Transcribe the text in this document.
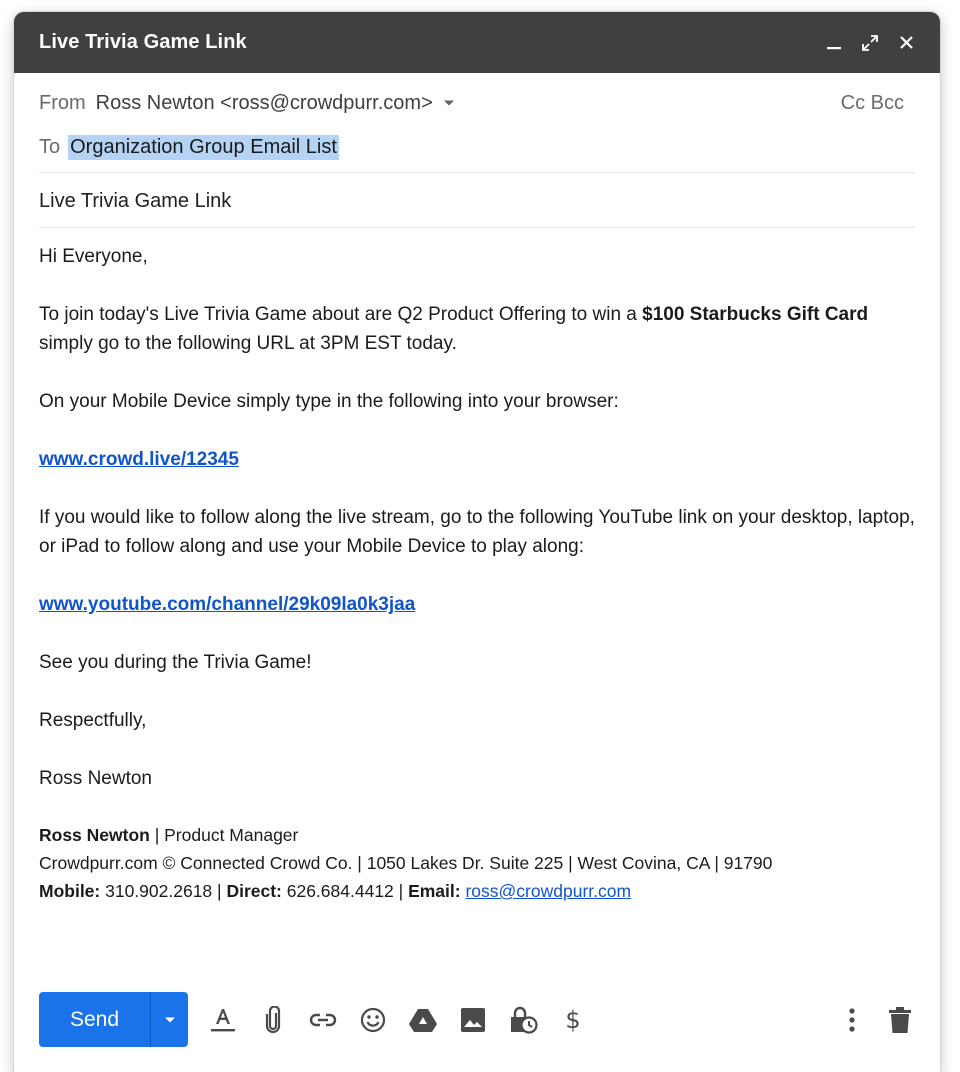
Live Trivia Game Link
From Ross Newton <ross@crowdpurr.com>	Cc Bcc
To Organization Group Email List
Live Trivia Game Link

Hi Everyone,

To join today's Live Trivia Game about are Q2 Product Offering to win a $100 Starbucks Gift Card simply go to the following URL at 3PM EST today.

On your Mobile Device simply type in the following into your browser:

www.crowd.live/12345

If you would like to follow along the live stream, go to the following YouTube link on your desktop, laptop, or iPad to follow along and use your Mobile Device to play along:

www.youtube.com/channel/29k09la0k3jaa

See you during the Trivia Game!

Respectfully,

Ross Newton

Ross Newton | Product Manager
Crowdpurr.com © Connected Crowd Co. | 1050 Lakes Dr. Suite 225 | West Covina, CA | 91790
Mobile: 310.902.2618 | Direct: 626.684.4412 | Email: ross@crowdpurr.com
Send	$
